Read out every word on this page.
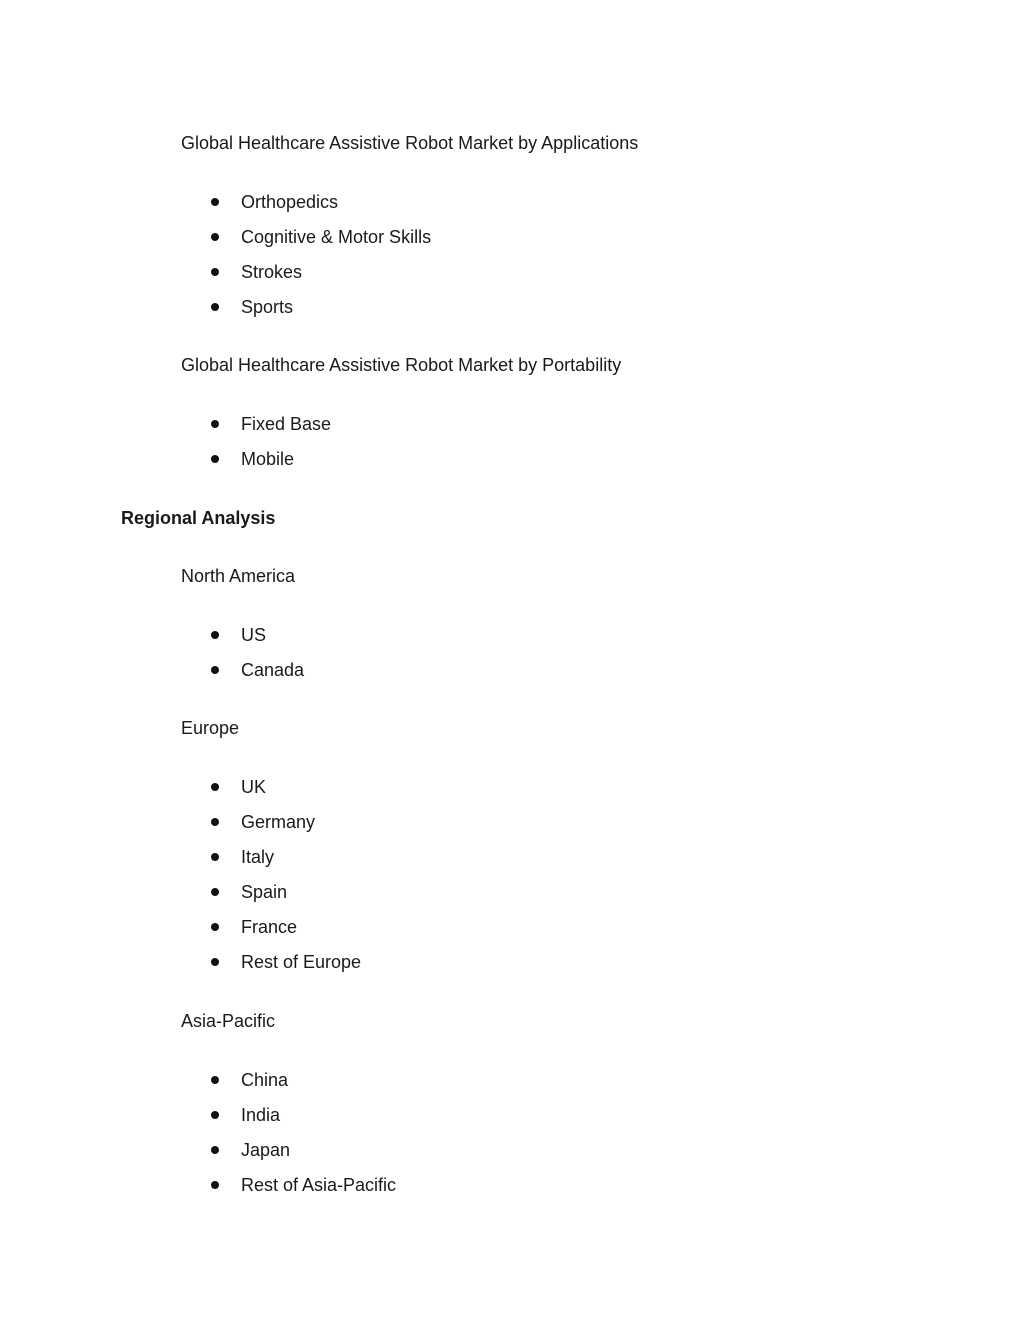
Global Healthcare Assistive Robot Market by Applications
Orthopedics
Cognitive & Motor Skills
Strokes
Sports
Global Healthcare Assistive Robot Market by Portability
Fixed Base
Mobile
Regional Analysis
North America
US
Canada
Europe
UK
Germany
Italy
Spain
France
Rest of Europe
Asia-Pacific
China
India
Japan
Rest of Asia-Pacific
